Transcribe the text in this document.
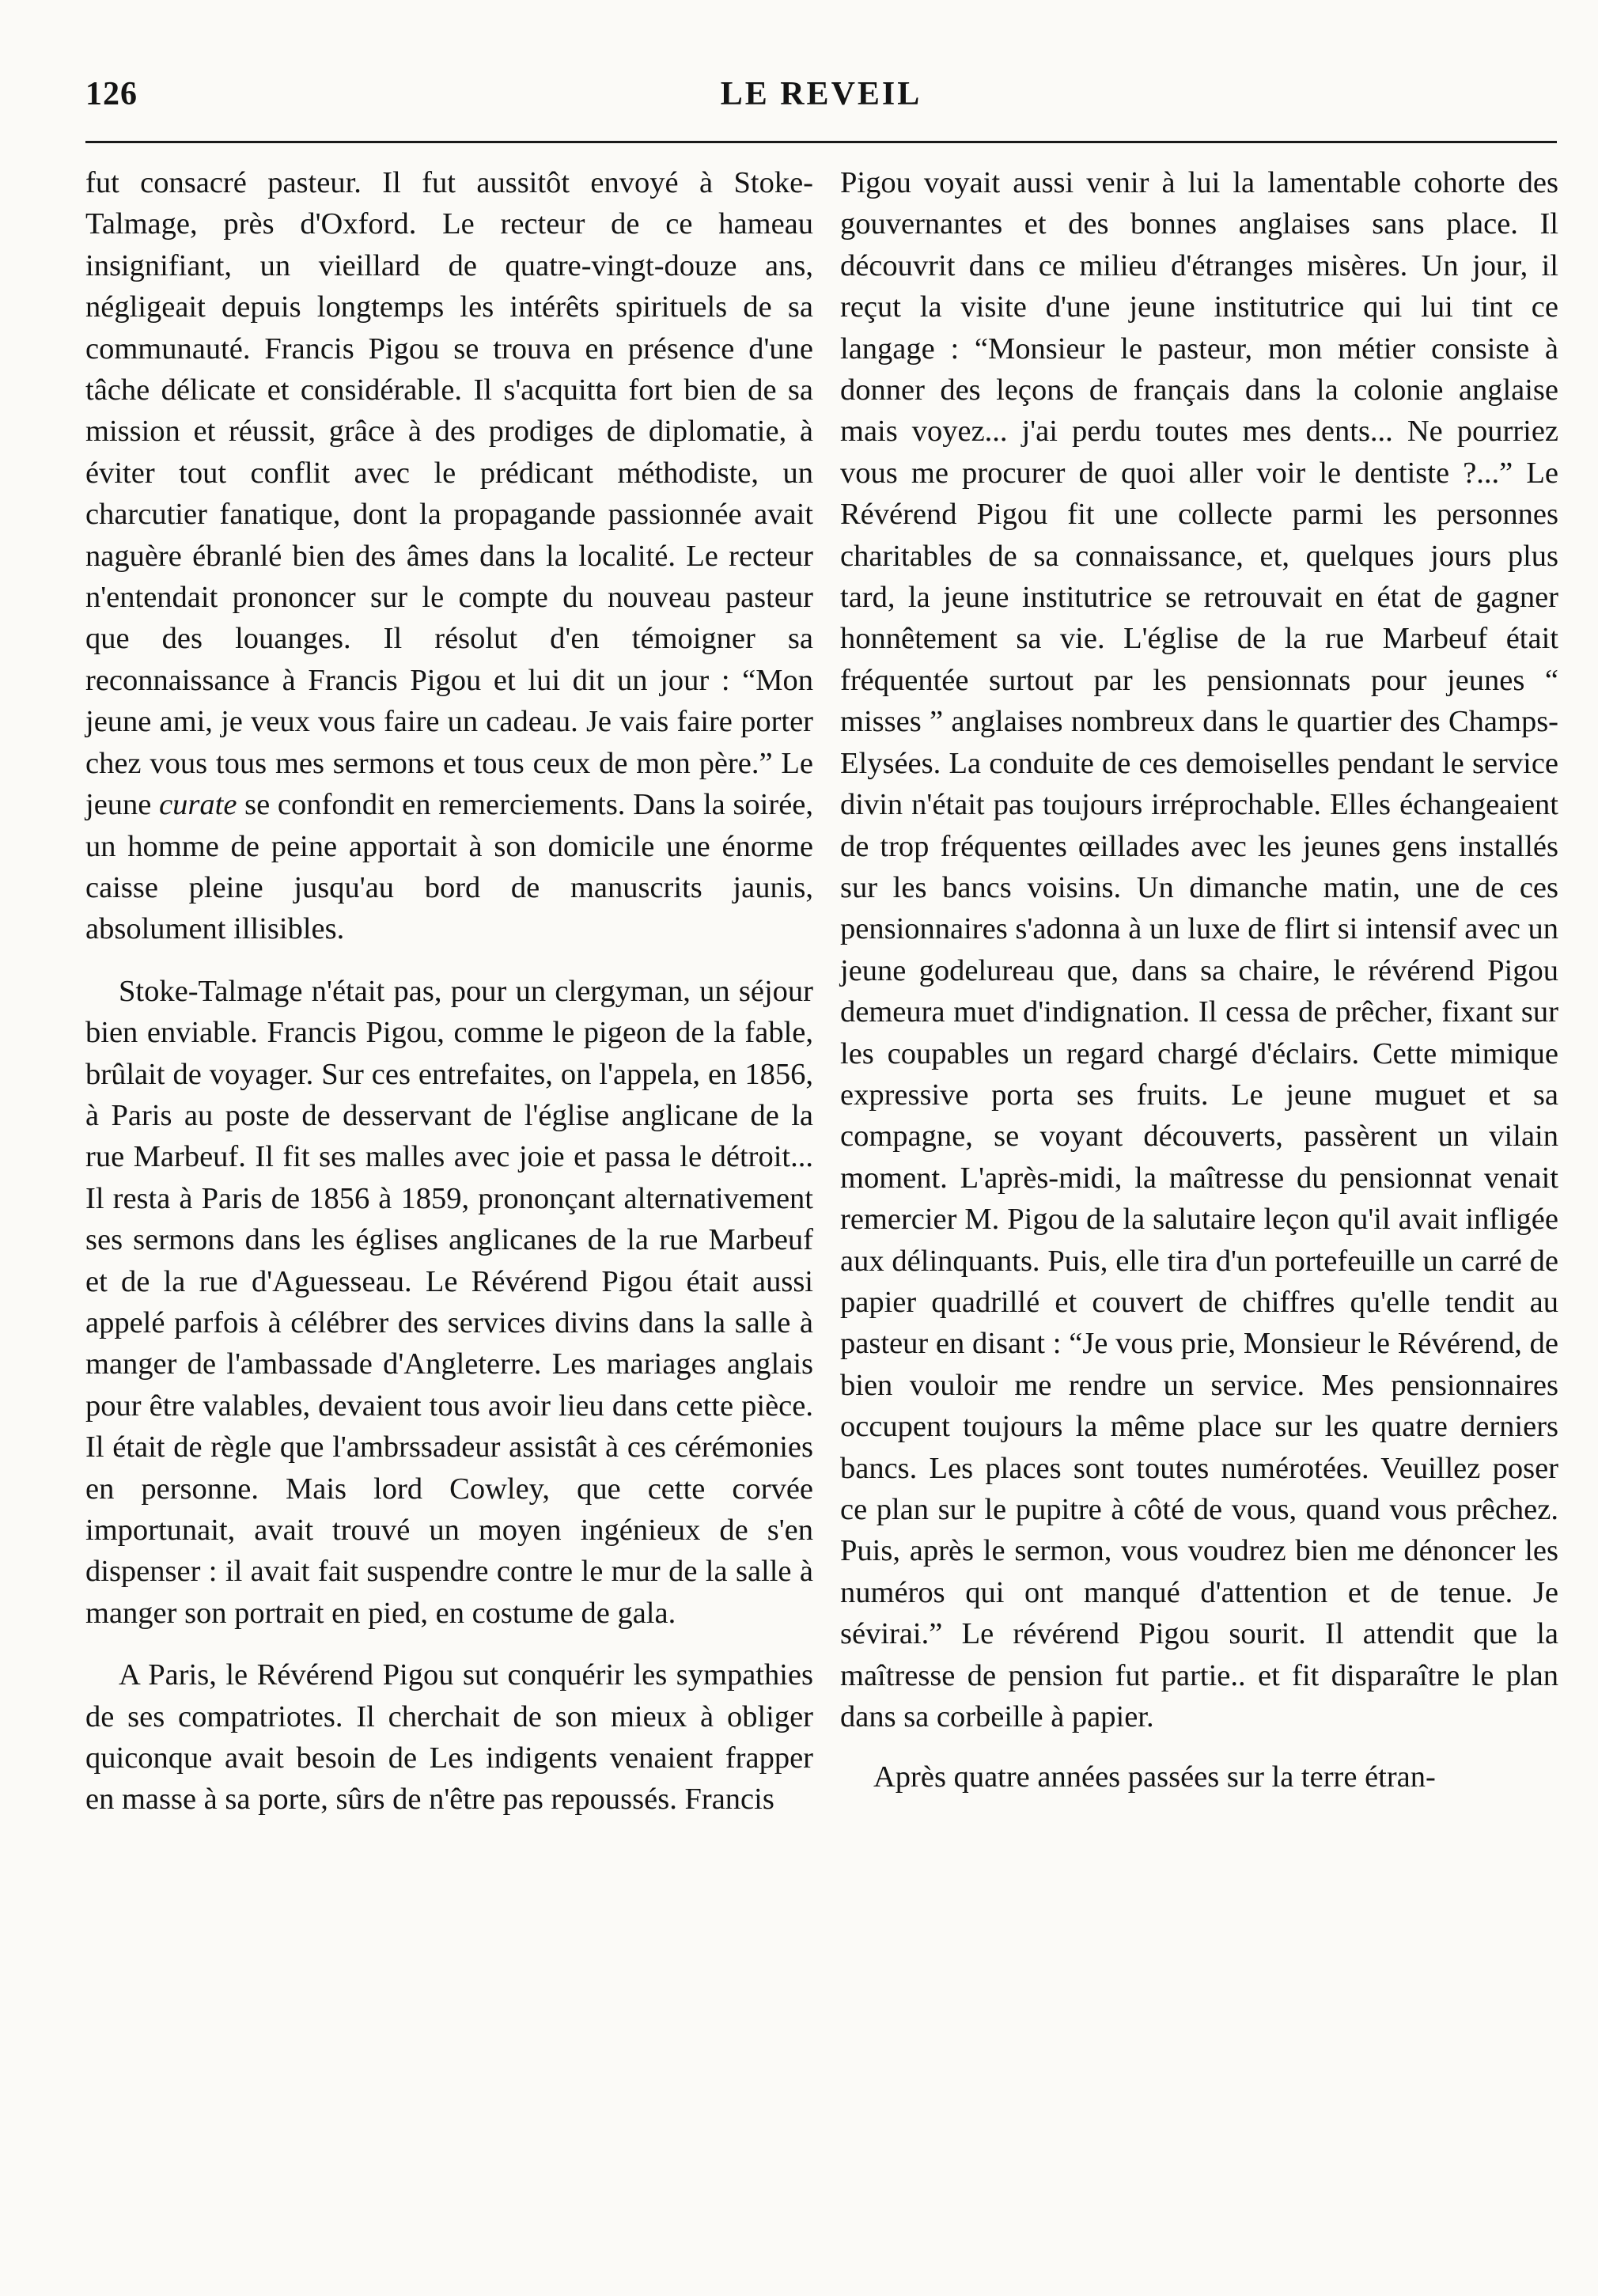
126	LE REVEIL

fut consacré pasteur. Il fut aussitôt envoyé à Stoke-Talmage, près d'Oxford. Le recteur de ce hameau insignifiant, un vieillard de quatre-vingt-douze ans, négligeait depuis longtemps les intérêts spirituels de sa communauté. Francis Pigou se trouva en présence d'une tâche délicate et considérable. Il s'acquitta fort bien de sa mission et réussit, grâce à des prodiges de diplomatie, à éviter tout conflit avec le prédicant méthodiste, un charcutier fanatique, dont la propagande passionnée avait naguère ébranlé bien des âmes dans la localité. Le recteur n'entendait prononcer sur le compte du nouveau pasteur que des louanges. Il résolut d'en témoigner sa reconnaissance à Francis Pigou et lui dit un jour : “Mon jeune ami, je veux vous faire un cadeau. Je vais faire porter chez vous tous mes sermons et tous ceux de mon père.” Le jeune curate se confondit en remerciements. Dans la soirée, un homme de peine apportait à son domicile une énorme caisse pleine jusqu'au bord de manuscrits jaunis, absolument illisibles.

Stoke-Talmage n'était pas, pour un clergyman, un séjour bien enviable. Francis Pigou, comme le pigeon de la fable, brûlait de voyager. Sur ces entrefaites, on l'appela, en 1856, à Paris au poste de desservant de l'église anglicane de la rue Marbeuf. Il fit ses malles avec joie et passa le détroit... Il resta à Paris de 1856 à 1859, prononçant alternativement ses sermons dans les églises anglicanes de la rue Marbeuf et de la rue d'Aguesseau. Le Révérend Pigou était aussi appelé parfois à célébrer des services divins dans la salle à manger de l'ambassade d'Angleterre. Les mariages anglais pour être valables, devaient tous avoir lieu dans cette pièce. Il était de règle que l'ambrssadeur assistât à ces cérémonies en personne. Mais lord Cowley, que cette corvée importunait, avait trouvé un moyen ingénieux de s'en dispenser : il avait fait suspendre contre le mur de la salle à manger son portrait en pied, en costume de gala.

A Paris, le Révérend Pigou sut conquérir les sympathies de ses compatriotes. Il cherchait de son mieux à obliger quiconque avait besoin de Les indigents venaient frapper en masse à sa porte, sûrs de n'être pas repoussés. Francis

Pigou voyait aussi venir à lui la lamentable cohorte des gouvernantes et des bonnes anglaises sans place. Il découvrit dans ce milieu d'étranges misères. Un jour, il reçut la visite d'une jeune institutrice qui lui tint ce langage : “Monsieur le pasteur, mon métier consiste à donner des leçons de français dans la colonie anglaise mais voyez... j'ai perdu toutes mes dents... Ne pourriez vous me procurer de quoi aller voir le dentiste ?...” Le Révérend Pigou fit une collecte parmi les personnes charitables de sa connaissance, et, quelques jours plus tard, la jeune institutrice se retrouvait en état de gagner honnêtement sa vie. L'église de la rue Marbeuf était fréquentée surtout par les pensionnats pour jeunes “ misses ” anglaises nombreux dans le quartier des Champs-Elysées. La conduite de ces demoiselles pendant le service divin n'était pas toujours irréprochable. Elles échangeaient de trop fréquentes œillades avec les jeunes gens installés sur les bancs voisins. Un dimanche matin, une de ces pensionnaires s'adonna à un luxe de flirt si intensif avec un jeune godelureau que, dans sa chaire, le révérend Pigou demeura muet d'indignation. Il cessa de prêcher, fixant sur les coupables un regard chargé d'éclairs. Cette mimique expressive porta ses fruits. Le jeune muguet et sa compagne, se voyant découverts, passèrent un vilain moment. L'après-midi, la maîtresse du pensionnat venait remercier M. Pigou de la salutaire leçon qu'il avait infligée aux délinquants. Puis, elle tira d'un portefeuille un carré de papier quadrillé et couvert de chiffres qu'elle tendit au pasteur en disant : “Je vous prie, Monsieur le Révérend, de bien vouloir me rendre un service. Mes pensionnaires occupent toujours la même place sur les quatre derniers bancs. Les places sont toutes numérotées. Veuillez poser ce plan sur le pupitre à côté de vous, quand vous prêchez. Puis, après le sermon, vous voudrez bien me dénoncer les numéros qui ont manqué d'attention et de tenue. Je sévirai.” Le révérend Pigou sourit. Il attendit que la maîtresse de pension fut partie.. et fit disparaître le plan dans sa corbeille à papier.

Après quatre années passées sur la terre étran-
